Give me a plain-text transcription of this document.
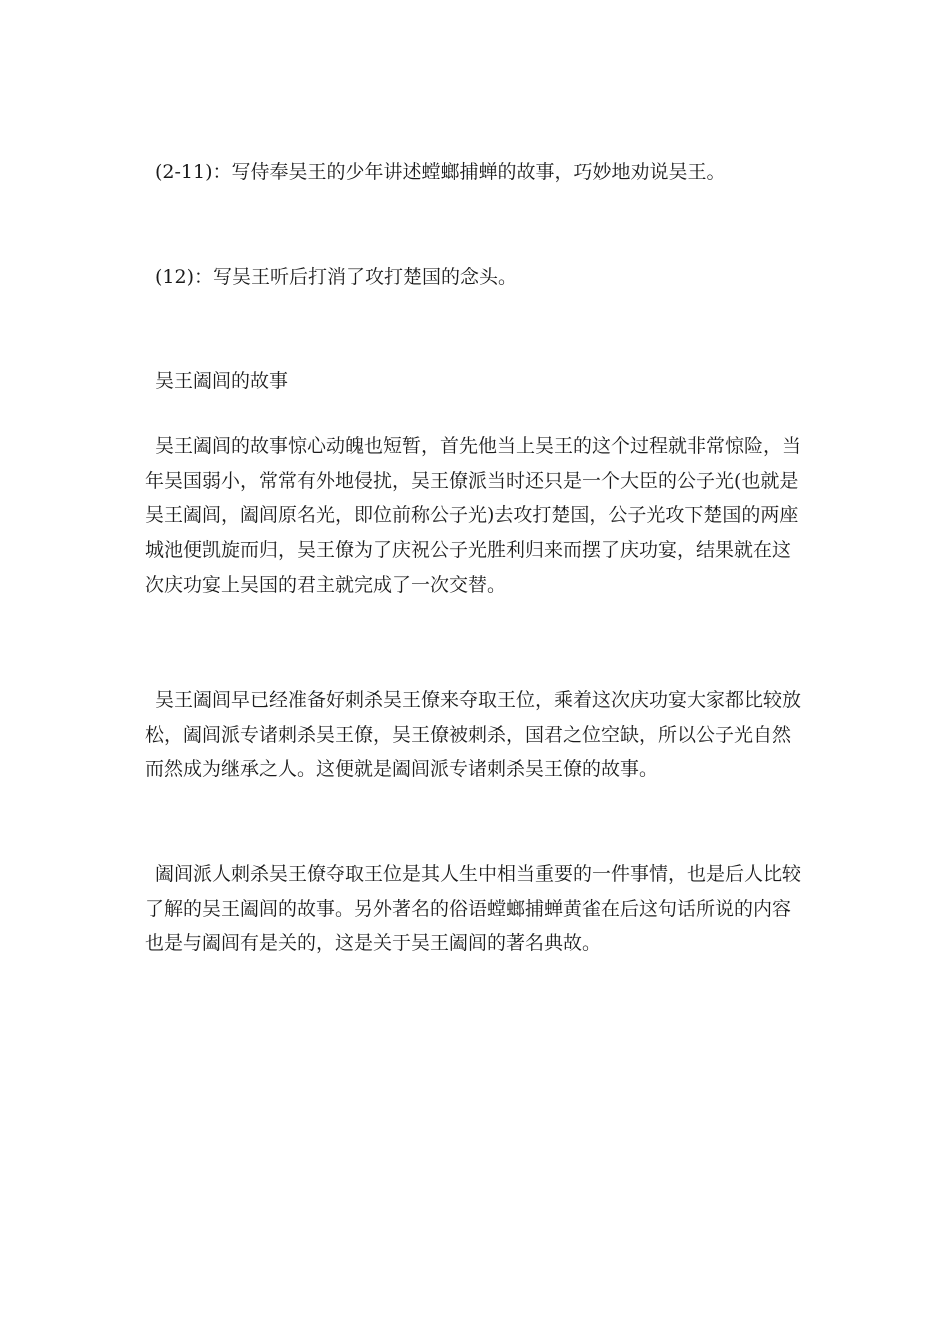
(2-11)：写侍奉吴王的少年讲述螳螂捕蝉的故事，巧妙地劝说吴王。

(12)：写吴王听后打消了攻打楚国的念头。

吴王阖闾的故事

吴王阖闾的故事惊心动魄也短暂，首先他当上吴王的这个过程就非常惊险，当年吴国弱小，常常有外地侵扰，吴王僚派当时还只是一个大臣的公子光(也就是吴王阖闾，阖闾原名光，即位前称公子光)去攻打楚国，公子光攻下楚国的两座城池便凯旋而归，吴王僚为了庆祝公子光胜利归来而摆了庆功宴，结果就在这次庆功宴上吴国的君主就完成了一次交替。

吴王阖闾早已经准备好刺杀吴王僚来夺取王位，乘着这次庆功宴大家都比较放松，阖闾派专诸刺杀吴王僚，吴王僚被刺杀，国君之位空缺，所以公子光自然而然成为继承之人。这便就是阖闾派专诸刺杀吴王僚的故事。

阖闾派人刺杀吴王僚夺取王位是其人生中相当重要的一件事情，也是后人比较了解的吴王阖闾的故事。另外著名的俗语螳螂捕蝉黄雀在后这句话所说的内容也是与阖闾有是关的，这是关于吴王阖闾的著名典故。
